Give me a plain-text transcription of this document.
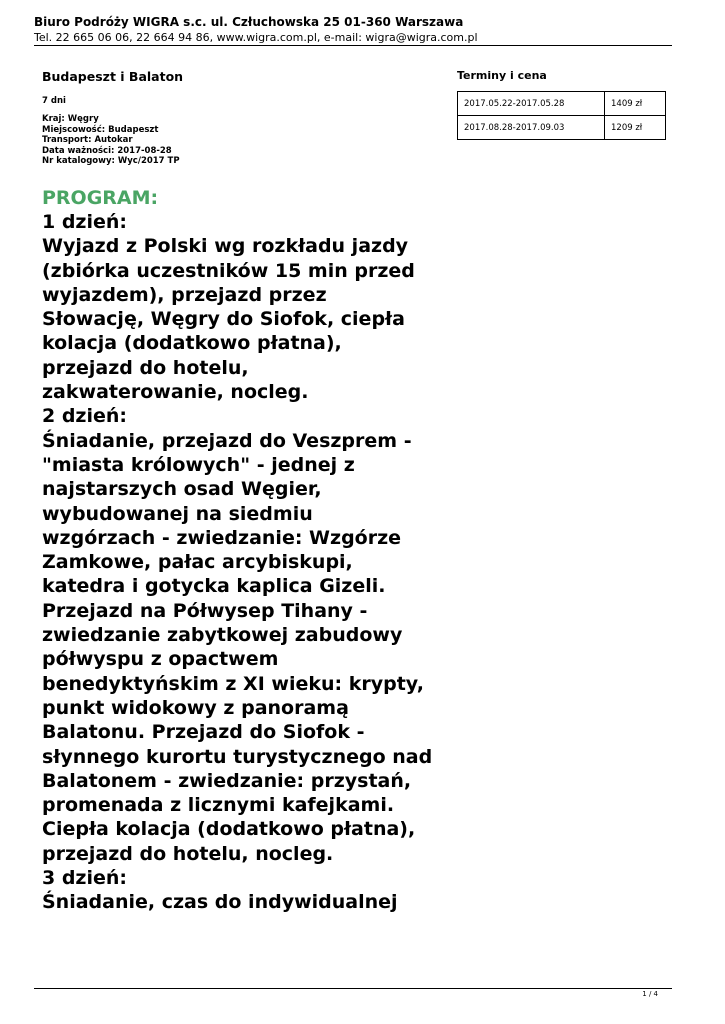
Biuro Podróży WIGRA s.c. ul. Człuchowska 25 01-360 Warszawa
Tel. 22 665 06 06, 22 664 94 86, www.wigra.com.pl, e-mail: wigra@wigra.com.pl
Budapeszt i Balaton
7 dni
Kraj: Węgry
Miejscowość: Budapeszt
Transport: Autokar
Data ważności: 2017-08-28
Nr katalogowy: Wyc/2017 TP
Terminy i cena
2017.05.22-2017.05.28	1409 zł
2017.08.28-2017.09.03	1209 zł
PROGRAM:
1 dzień:
Wyjazd z Polski wg rozkładu jazdy
(zbiórka uczestników 15 min przed
wyjazdem), przejazd przez
Słowację, Węgry do Siofok, ciepła
kolacja (dodatkowo płatna),
przejazd do hotelu,
zakwaterowanie, nocleg.
2 dzień:
Śniadanie, przejazd do Veszprem -
"miasta królowych" - jednej z
najstarszych osad Węgier,
wybudowanej na siedmiu
wzgórzach - zwiedzanie: Wzgórze
Zamkowe, pałac arcybiskupi,
katedra i gotycka kaplica Gizeli.
Przejazd na Półwysep Tihany -
zwiedzanie zabytkowej zabudowy
półwyspu z opactwem
benedyktyńskim z XI wieku: krypty,
punkt widokowy z panoramą
Balatonu. Przejazd do Siofok -
słynnego kurortu turystycznego nad
Balatonem - zwiedzanie: przystań,
promenada z licznymi kafejkami.
Ciepła kolacja (dodatkowo płatna),
przejazd do hotelu, nocleg.
3 dzień:
Śniadanie, czas do indywidualnej
1 / 4
